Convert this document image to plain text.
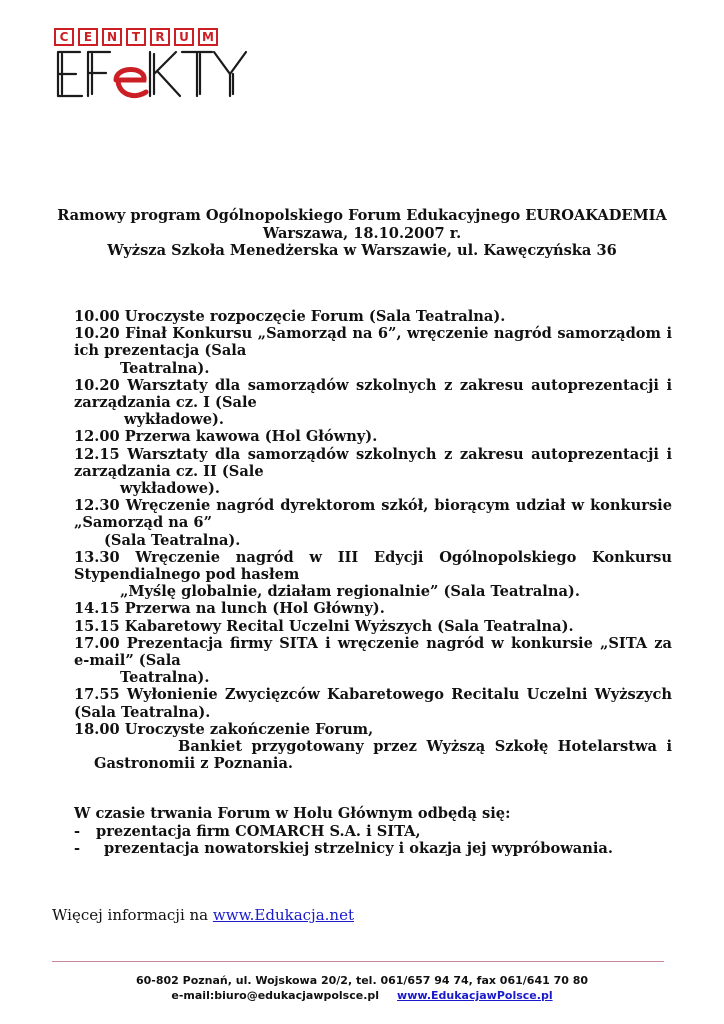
C	E	N	T	R	U	M
Ramowy program Ogólnopolskiego Forum Edukacyjnego EUROAKADEMIA
Warszawa, 18.10.2007 r.
Wyższa Szkoła Menedżerska w Warszawie, ul. Kawęczyńska 36

10.00 Uroczyste rozpoczęcie Forum (Sala Teatralna).

10.20 Finał Konkursu „Samorząd na 6”, wręczenie nagród samorządom i ich prezentacja (Sala

Teatralna).

10.20 Warsztaty dla samorządów szkolnych z zakresu autoprezentacji i zarządzania cz. I (Sale

wykładowe).

12.00 Przerwa kawowa (Hol Główny).

12.15 Warsztaty dla samorządów szkolnych z zakresu autoprezentacji i zarządzania cz. II (Sale

wykładowe).

12.30 Wręczenie nagród dyrektorom szkół, biorącym udział w konkursie „Samorząd na 6”

(Sala Teatralna).

13.30 Wręczenie nagród w III Edycji Ogólnopolskiego Konkursu Stypendialnego pod hasłem

„Myślę globalnie, działam regionalnie” (Sala Teatralna).

14.15 Przerwa na lunch (Hol Główny).

15.15 Kabaretowy Recital Uczelni Wyższych (Sala Teatralna).

17.00 Prezentacja firmy SITA i wręczenie nagród w konkursie „SITA za e-mail” (Sala

Teatralna).

17.55 Wyłonienie Zwycięzców Kabaretowego Recitalu Uczelni Wyższych (Sala Teatralna).

18.00 Uroczyste zakończenie Forum,

Bankiet przygotowany przez Wyższą Szkołę Hotelarstwa i Gastronomii z Poznania.

W czasie trwania Forum w Holu Głównym odbędą się:

- prezentacja firm COMARCH S.A. i SITA,

- prezentacja nowatorskiej strzelnicy i okazja jej wypróbowania.

Więcej informacji na www.Edukacja.net
60-802 Poznań, ul. Wojskowa 20/2, tel. 061/657 94 74, fax 061/641 70 80
e-mail:biuro@edukacjawpolsce.pl www.EdukacjawPolsce.pl
